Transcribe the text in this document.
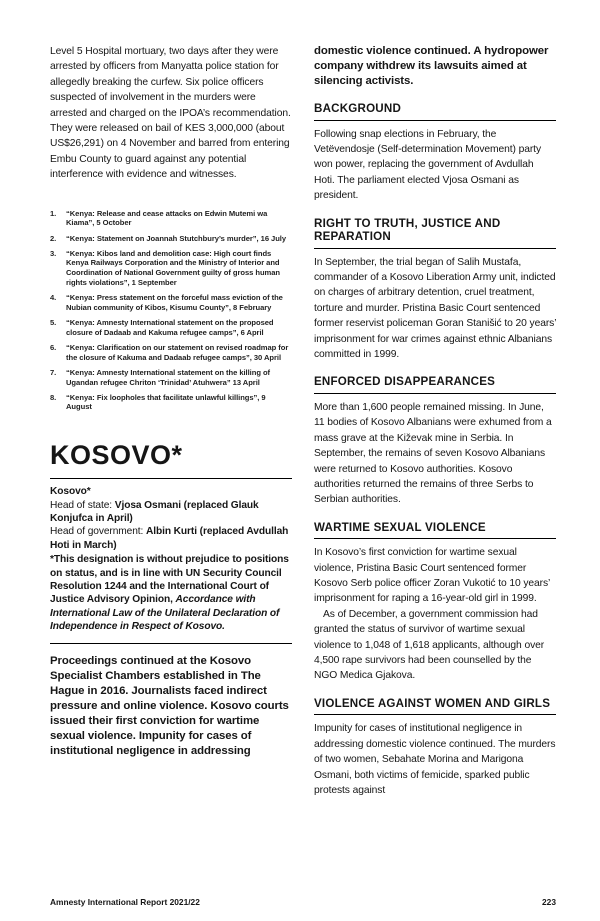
Level 5 Hospital mortuary, two days after they were arrested by officers from Manyatta police station for allegedly breaking the curfew. Six police officers suspected of involvement in the murders were arrested and charged on the IPOA’s recommendation. They were released on bail of KES 3,000,000 (about US$26,291) on 4 November and barred from entering Embu County to guard against any potential interference with evidence and witnesses.

1.	“Kenya: Release and cease attacks on Edwin Mutemi wa Kiama”, 5 October
2.	“Kenya: Statement on Joannah Stutchbury’s murder”, 16 July
3.	“Kenya: Kibos land and demolition case: High court finds Kenya Railways Corporation and the Ministry of Interior and Coordination of National Government guilty of gross human rights violations”, 1 September
4.	“Kenya: Press statement on the forceful mass eviction of the Nubian community of Kibos, Kisumu County”, 8 February
5.	“Kenya: Amnesty International statement on the proposed closure of Dadaab and Kakuma refugee camps”, 6 April
6.	“Kenya: Clarification on our statement on revised roadmap for the closure of Kakuma and Dadaab refugee camps”, 30 April
7.	“Kenya: Amnesty International statement on the killing of Ugandan refugee Chriton ‘Trinidad’ Atuhwera” 13 April
8.	“Kenya: Fix loopholes that facilitate unlawful killings”, 9 August
KOSOVO*

Kosovo*

Head of state: Vjosa Osmani (replaced Glauk Konjufca in April)

Head of government: Albin Kurti (replaced Avdullah Hoti in March)

*This designation is without prejudice to positions on status, and is in line with UN Security Council Resolution 1244 and the International Court of Justice Advisory Opinion, Accordance with International Law of the Unilateral Declaration of Independence in Respect of Kosovo.

Proceedings continued at the Kosovo Specialist Chambers established in The Hague in 2016. Journalists faced indirect pressure and online violence. Kosovo courts issued their first conviction for wartime sexual violence. Impunity for cases of institutional negligence in addressing

domestic violence continued. A hydropower company withdrew its lawsuits aimed at silencing activists.

BACKGROUND

Following snap elections in February, the Vetëvendosje (Self-determination Movement) party won power, replacing the government of Avdullah Hoti. The parliament elected Vjosa Osmani as president.

RIGHT TO TRUTH, JUSTICE AND REPARATION

In September, the trial began of Salih Mustafa, commander of a Kosovo Liberation Army unit, indicted on charges of arbitrary detention, cruel treatment, torture and murder. Pristina Basic Court sentenced former reservist policeman Goran Stanišić to 20 years’ imprisonment for war crimes against ethnic Albanians committed in 1999.

ENFORCED DISAPPEARANCES

More than 1,600 people remained missing. In June, 11 bodies of Kosovo Albanians were exhumed from a mass grave at the Kiževak mine in Serbia. In September, the remains of seven Kosovo Albanians were returned to Kosovo authorities. Kosovo authorities returned the remains of three Serbs to Serbian authorities.

WARTIME SEXUAL VIOLENCE

In Kosovo’s first conviction for wartime sexual violence, Pristina Basic Court sentenced former Kosovo Serb police officer Zoran Vukotić to 10 years’ imprisonment for raping a 16-year-old girl in 1999.

As of December, a government commission had granted the status of survivor of wartime sexual violence to 1,048 of 1,618 applicants, although over 4,500 rape survivors had been counselled by the NGO Medica Gjakova.

VIOLENCE AGAINST WOMEN AND GIRLS

Impunity for cases of institutional negligence in addressing domestic violence continued. The murders of two women, Sebahate Morina and Marigona Osmani, both victims of femicide, sparked public protests against

Amnesty International Report 2021/22	223
